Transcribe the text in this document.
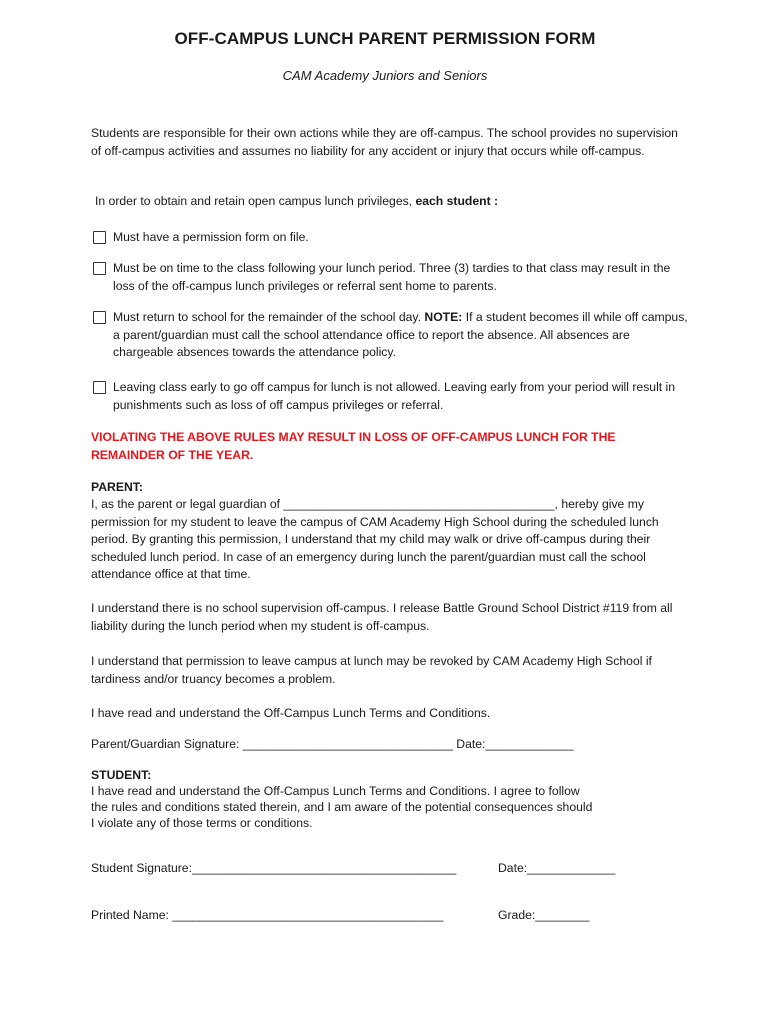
OFF-CAMPUS LUNCH PARENT PERMISSION FORM
CAM Academy Juniors and Seniors
Students are responsible for their own actions while they are off-campus. The school provides no supervision of off-campus activities and assumes no liability for any accident or injury that occurs while off-campus.
In order to obtain and retain open campus lunch privileges, each student :
Must have a permission form on file.
Must be on time to the class following your lunch period. Three (3) tardies to that class may result in the loss of the off-campus lunch privileges or referral sent home to parents.
Must return to school for the remainder of the school day. NOTE: If a student becomes ill while off campus, a parent/guardian must call the school attendance office to report the absence. All absences are chargeable absences towards the attendance policy.
Leaving class early to go off campus for lunch is not allowed. Leaving early from your period will result in punishments such as loss of off campus privileges or referral.
VIOLATING THE ABOVE RULES MAY RESULT IN LOSS OF OFF-CAMPUS LUNCH FOR THE REMAINDER OF THE YEAR.
PARENT:
I, as the parent or legal guardian of ________________________________________, hereby give my permission for my student to leave the campus of CAM Academy High School during the scheduled lunch period. By granting this permission, I understand that my child may walk or drive off-campus during their scheduled lunch period. In case of an emergency during lunch the parent/guardian must call the school attendance office at that time.
I understand there is no school supervision off-campus. I release Battle Ground School District #119 from all liability during the lunch period when my student is off-campus.
I understand that permission to leave campus at lunch may be revoked by CAM Academy High School if tardiness and/or truancy becomes a problem.
I have read and understand the Off-Campus Lunch Terms and Conditions.
Parent/Guardian Signature: _______________________________ Date:_____________
STUDENT:
I have read and understand the Off-Campus Lunch Terms and Conditions. I agree to follow
the rules and conditions stated therein, and I am aware of the potential consequences should
I violate any of those terms or conditions.
Student Signature:_______________________________________	Date:_____________
Printed Name: ________________________________________	Grade:________
